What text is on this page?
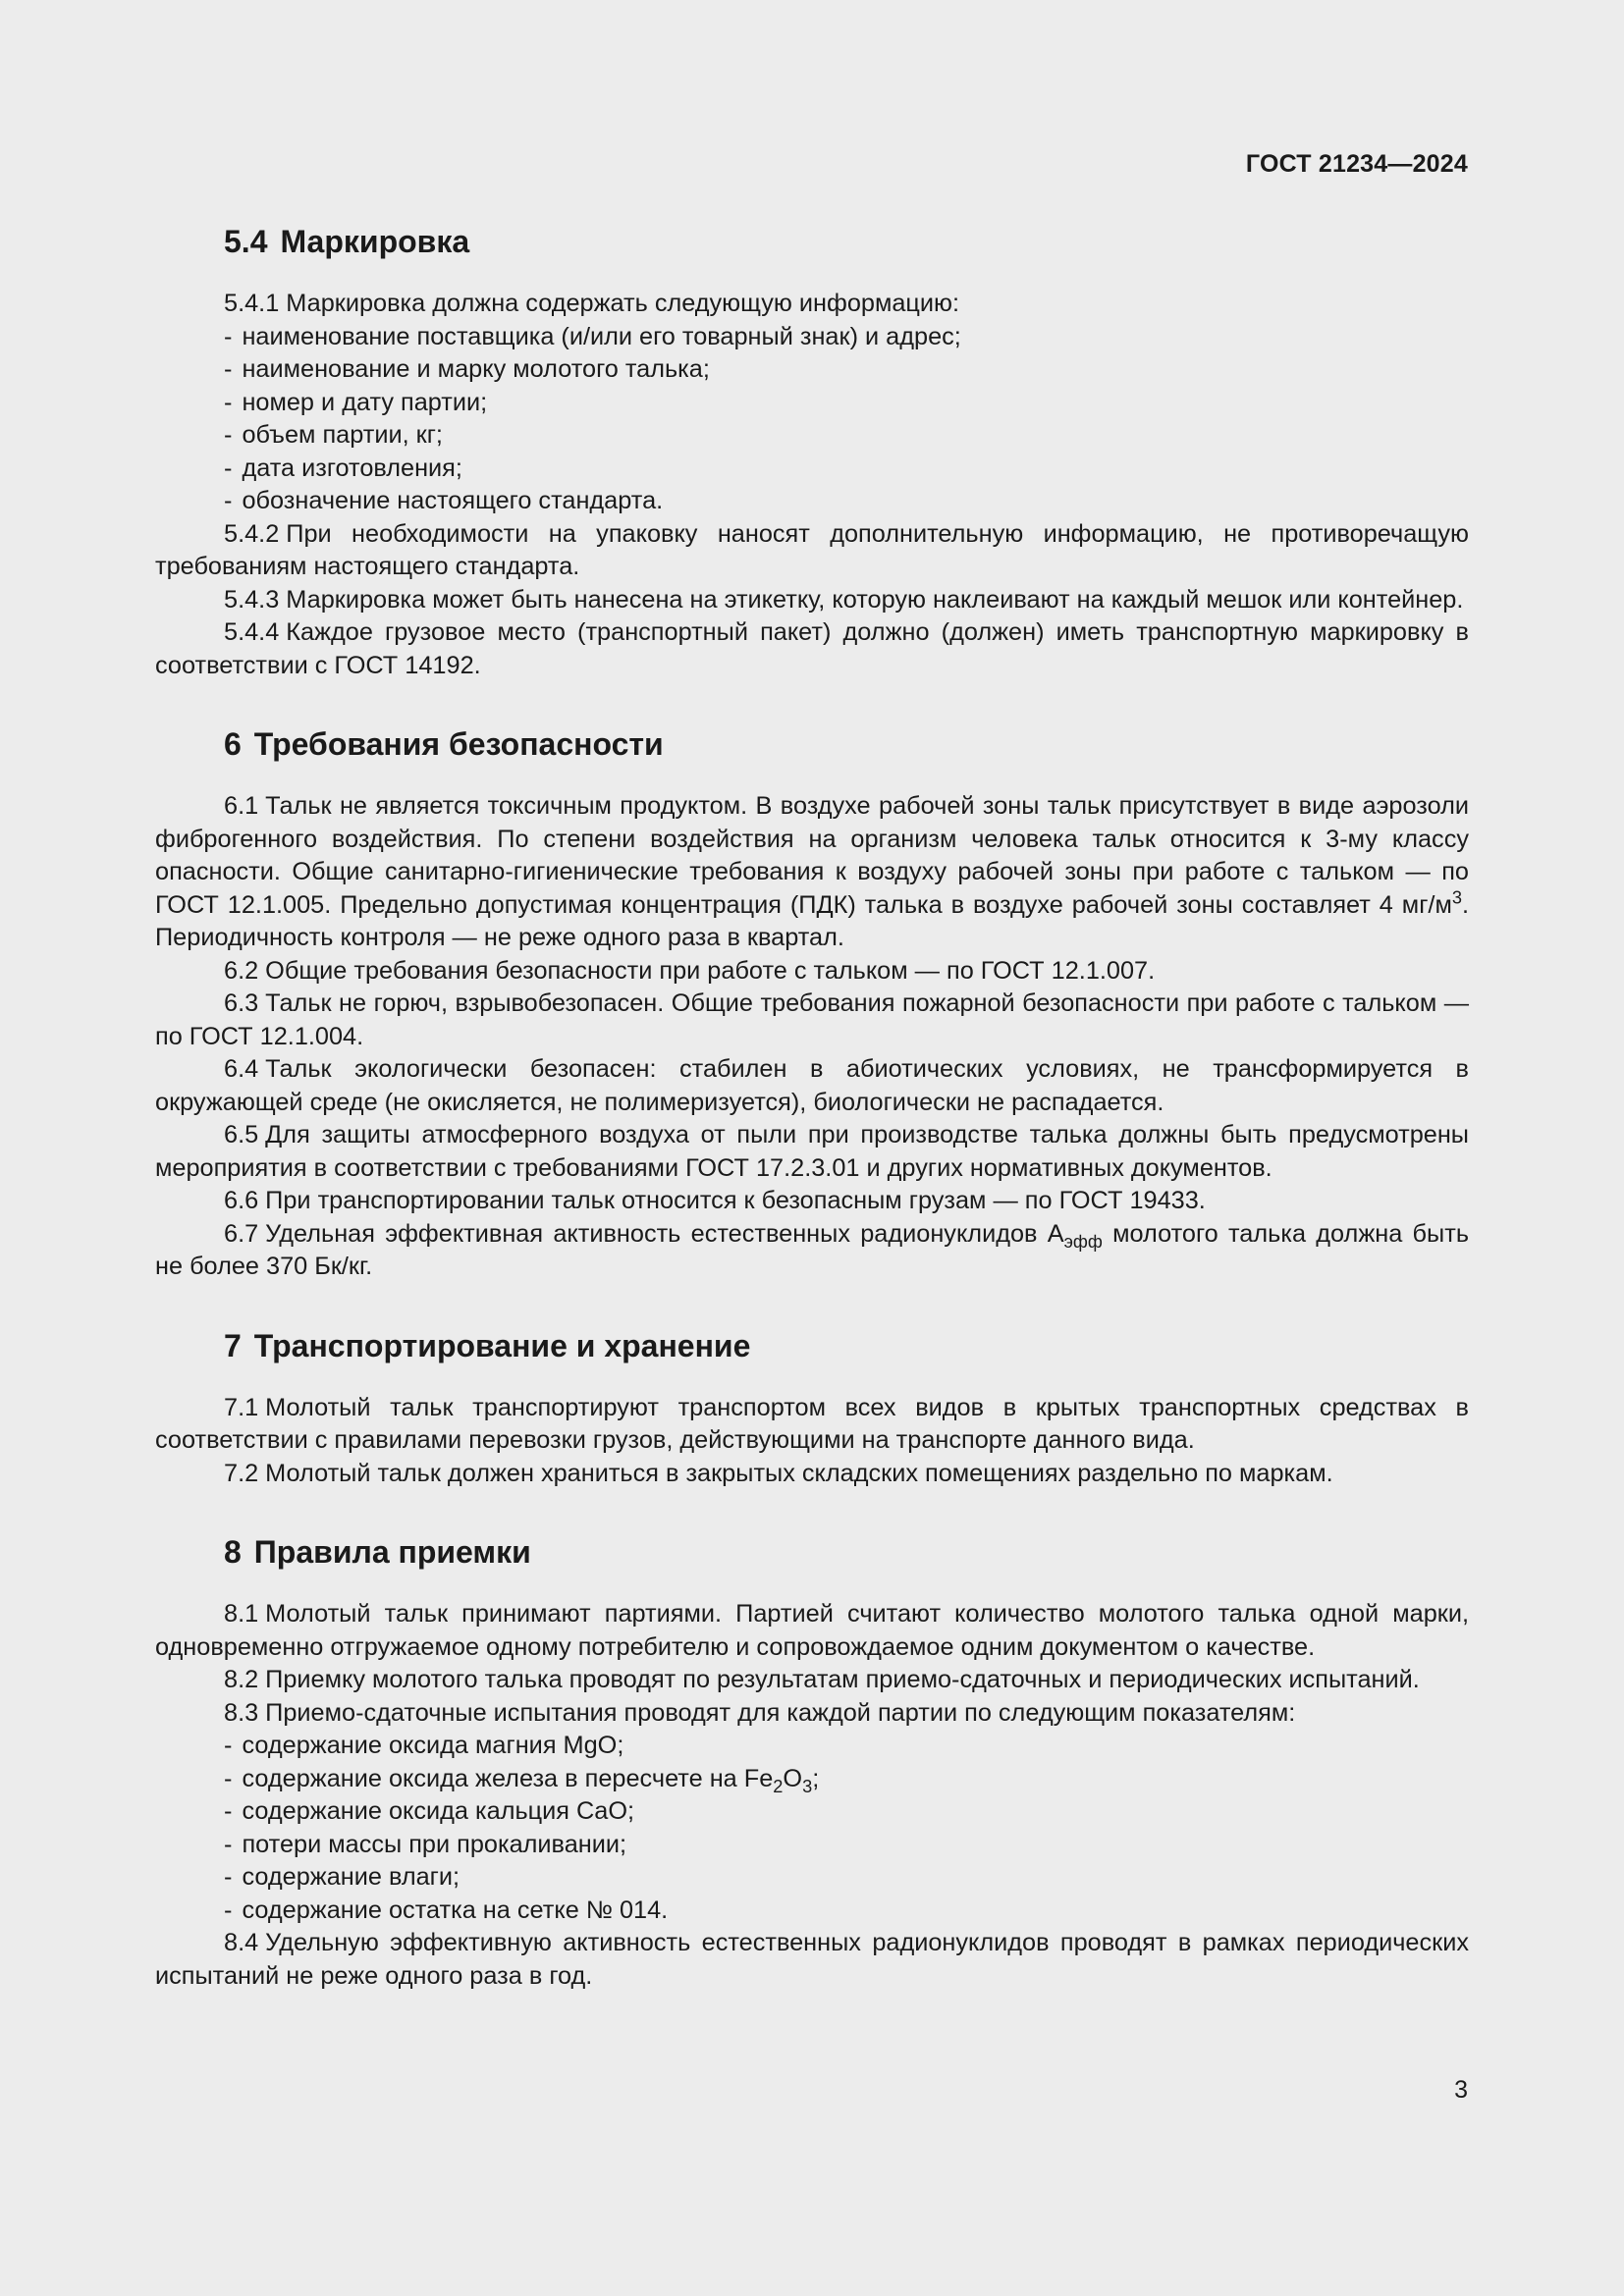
ГОСТ 21234—2024
5.4 Маркировка

5.4.1 Маркировка должна содержать следующую информацию:

- наименование поставщика (и/или его товарный знак) и адрес;
- наименование и марку молотого талька;
- номер и дату партии;
- объем партии, кг;
- дата изготовления;
- обозначение настоящего стандарта.

5.4.2 При необходимости на упаковку наносят дополнительную информацию, не противоречащую требованиям настоящего стандарта.

5.4.3 Маркировка может быть нанесена на этикетку, которую наклеивают на каждый мешок или контейнер.

5.4.4 Каждое грузовое место (транспортный пакет) должно (должен) иметь транспортную маркировку в соответствии с ГОСТ 14192.

6 Требования безопасности

6.1 Тальк не является токсичным продуктом. В воздухе рабочей зоны тальк присутствует в виде аэрозоли фиброгенного воздействия. По степени воздействия на организм человека тальк относится к 3-му классу опасности. Общие санитарно-гигиенические требования к воздуху рабочей зоны при работе с тальком — по ГОСТ 12.1.005. Предельно допустимая концентрация (ПДК) талька в воздухе рабочей зоны составляет 4 $мг/м^3$. Периодичность контроля — не реже одного раза в квартал.

6.2 Общие требования безопасности при работе с тальком — по ГОСТ 12.1.007.

6.3 Тальк не горюч, взрывобезопасен. Общие требования пожарной безопасности при работе с тальком — по ГОСТ 12.1.004.

6.4 Тальк экологически безопасен: стабилен в абиотических условиях, не трансформируется в окружающей среде (не окисляется, не полимеризуется), биологически не распадается.

6.5 Для защиты атмосферного воздуха от пыли при производстве талька должны быть предусмотрены мероприятия в соответствии с требованиями ГОСТ 17.2.3.01 и других нормативных документов.

6.6 При транспортировании тальк относится к безопасным грузам — по ГОСТ 19433.

6.7 Удельная эффективная активность естественных радионуклидов $А_{эфф}$ молотого талька должна быть не более 370 Бк/кг.

7 Транспортирование и хранение

7.1 Молотый тальк транспортируют транспортом всех видов в крытых транспортных средствах в соответствии с правилами перевозки грузов, действующими на транспорте данного вида.

7.2 Молотый тальк должен храниться в закрытых складских помещениях раздельно по маркам.

8 Правила приемки

8.1 Молотый тальк принимают партиями. Партией считают количество молотого талька одной марки, одновременно отгружаемое одному потребителю и сопровождаемое одним документом о качестве.

8.2 Приемку молотого талька проводят по результатам приемо-сдаточных и периодических испытаний.

8.3 Приемо-сдаточные испытания проводят для каждой партии по следующим показателям:

- содержание оксида магния MgO;
- содержание оксида железа в пересчете на $Fe_2O_3$;
- содержание оксида кальция CaO;
- потери массы при прокаливании;
- содержание влаги;
- содержание остатка на сетке № 014.

8.4 Удельную эффективную активность естественных радионуклидов проводят в рамках периодических испытаний не реже одного раза в год.

3
